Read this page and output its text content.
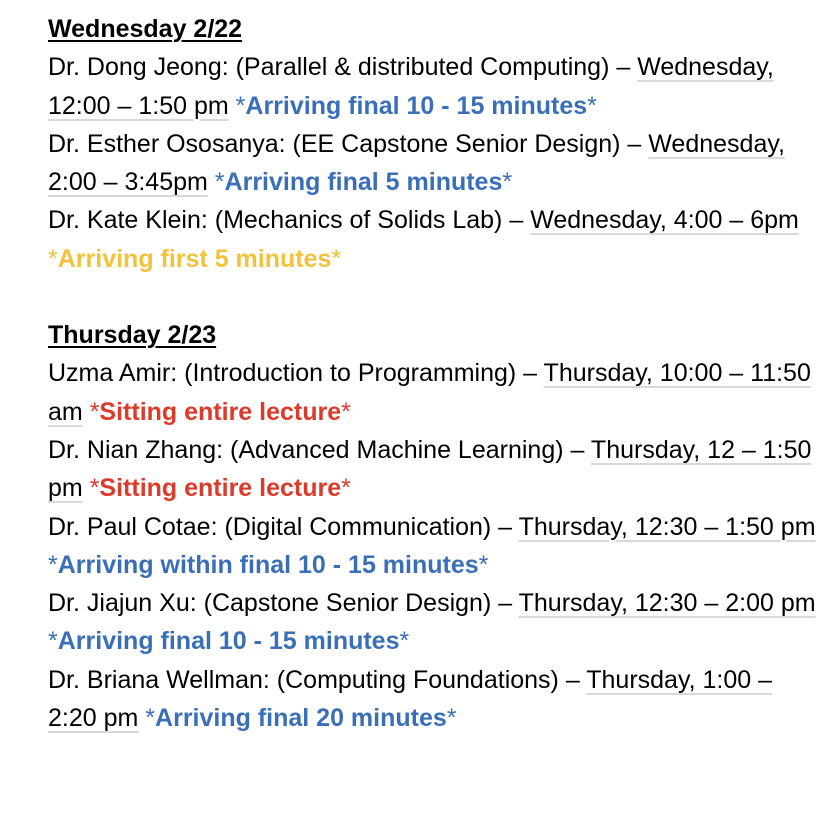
Wednesday 2/22
Dr. Dong Jeong: (Parallel & distributed Computing) – Wednesday, 12:00 – 1:50 pm *Arriving final 10 - 15 minutes*
Dr. Esther Ososanya: (EE Capstone Senior Design) – Wednesday, 2:00 – 3:45pm *Arriving final 5 minutes*
Dr. Kate Klein: (Mechanics of Solids Lab) – Wednesday, 4:00 – 6pm *Arriving first 5 minutes*
Thursday 2/23
Uzma Amir: (Introduction to Programming) – Thursday, 10:00 – 11:50 am *Sitting entire lecture*
Dr. Nian Zhang: (Advanced Machine Learning) – Thursday, 12 – 1:50 pm *Sitting entire lecture*
Dr. Paul Cotae: (Digital Communication) – Thursday, 12:30 – 1:50 pm *Arriving within final 10 - 15 minutes*
Dr. Jiajun Xu: (Capstone Senior Design) – Thursday, 12:30 – 2:00 pm *Arriving final 10 - 15 minutes*
Dr. Briana Wellman: (Computing Foundations) – Thursday, 1:00 – 2:20 pm *Arriving final 20 minutes*
